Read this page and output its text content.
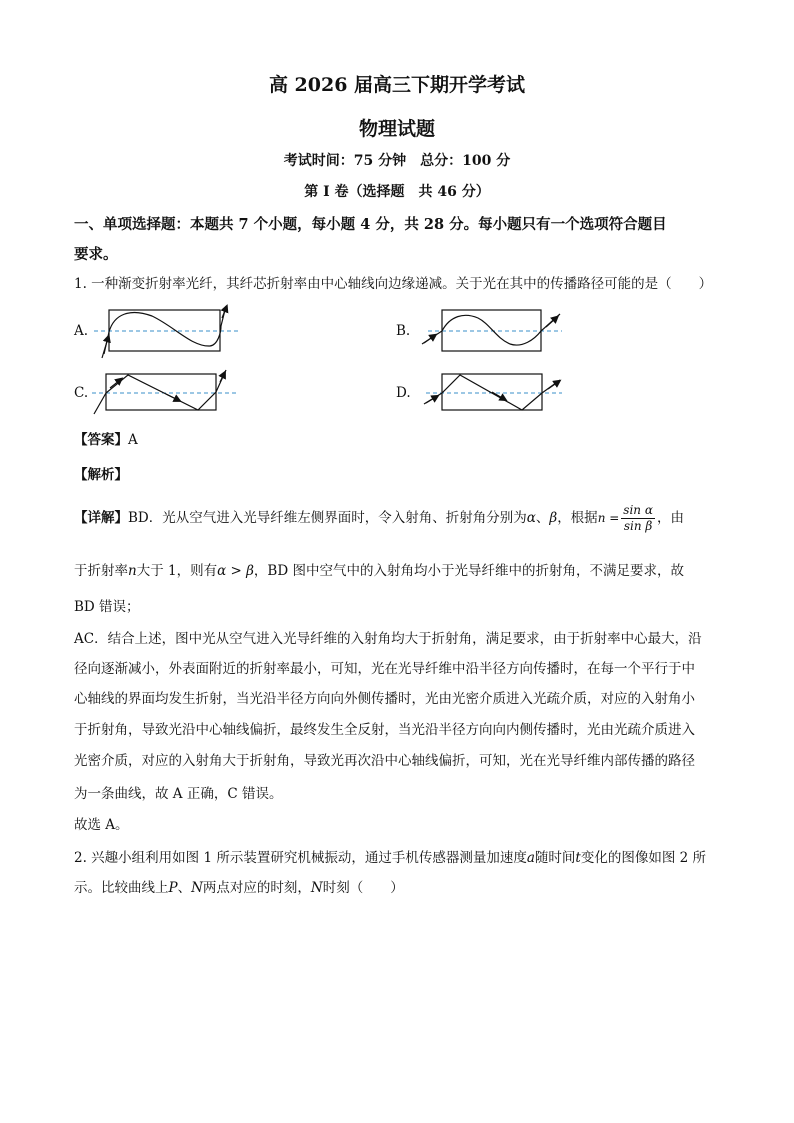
高 2026 届高三下期开学考试
物理试题
考试时间：75 分钟　总分：100 分
第 I 卷（选择题　共 46 分）
一、单项选择题：本题共 7 个小题，每小题 4 分，共 28 分。每小题只有一个选项符合题目
要求。
1. 一种渐变折射率光纤，其纤芯折射率由中心轴线向边缘递减。关于光在其中的传播路径可能的是（　　）
A.	B.
C.	D.
【答案】A
【解析】
【详解】BD．光从空气进入光导纤维左侧界面时，令入射角、折射角分别为α、β，根据$n = \frac{\text{sin α}}{\text{sin β}}$ ，由
于折射率n大于 1，则有α > β，BD 图中空气中的入射角均小于光导纤维中的折射角，不满足要求，故
BD 错误；
AC．结合上述，图中光从空气进入光导纤维的入射角均大于折射角，满足要求，由于折射率中心最大，沿
径向逐渐减小，外表面附近的折射率最小，可知，光在光导纤维中沿半径方向传播时，在每一个平行于中
心轴线的界面均发生折射，当光沿半径方向向外侧传播时，光由光密介质进入光疏介质，对应的入射角小
于折射角，导致光沿中心轴线偏折，最终发生全反射，当光沿半径方向向内侧传播时，光由光疏介质进入
光密介质，对应的入射角大于折射角，导致光再次沿中心轴线偏折，可知，光在光导纤维内部传播的路径
为一条曲线，故 A 正确，C 错误。
故选 A。
2. 兴趣小组利用如图 1 所示装置研究机械振动，通过手机传感器测量加速度a随时间t变化的图像如图 2 所
示。比较曲线上P、N两点对应的时刻，N时刻（　　）
